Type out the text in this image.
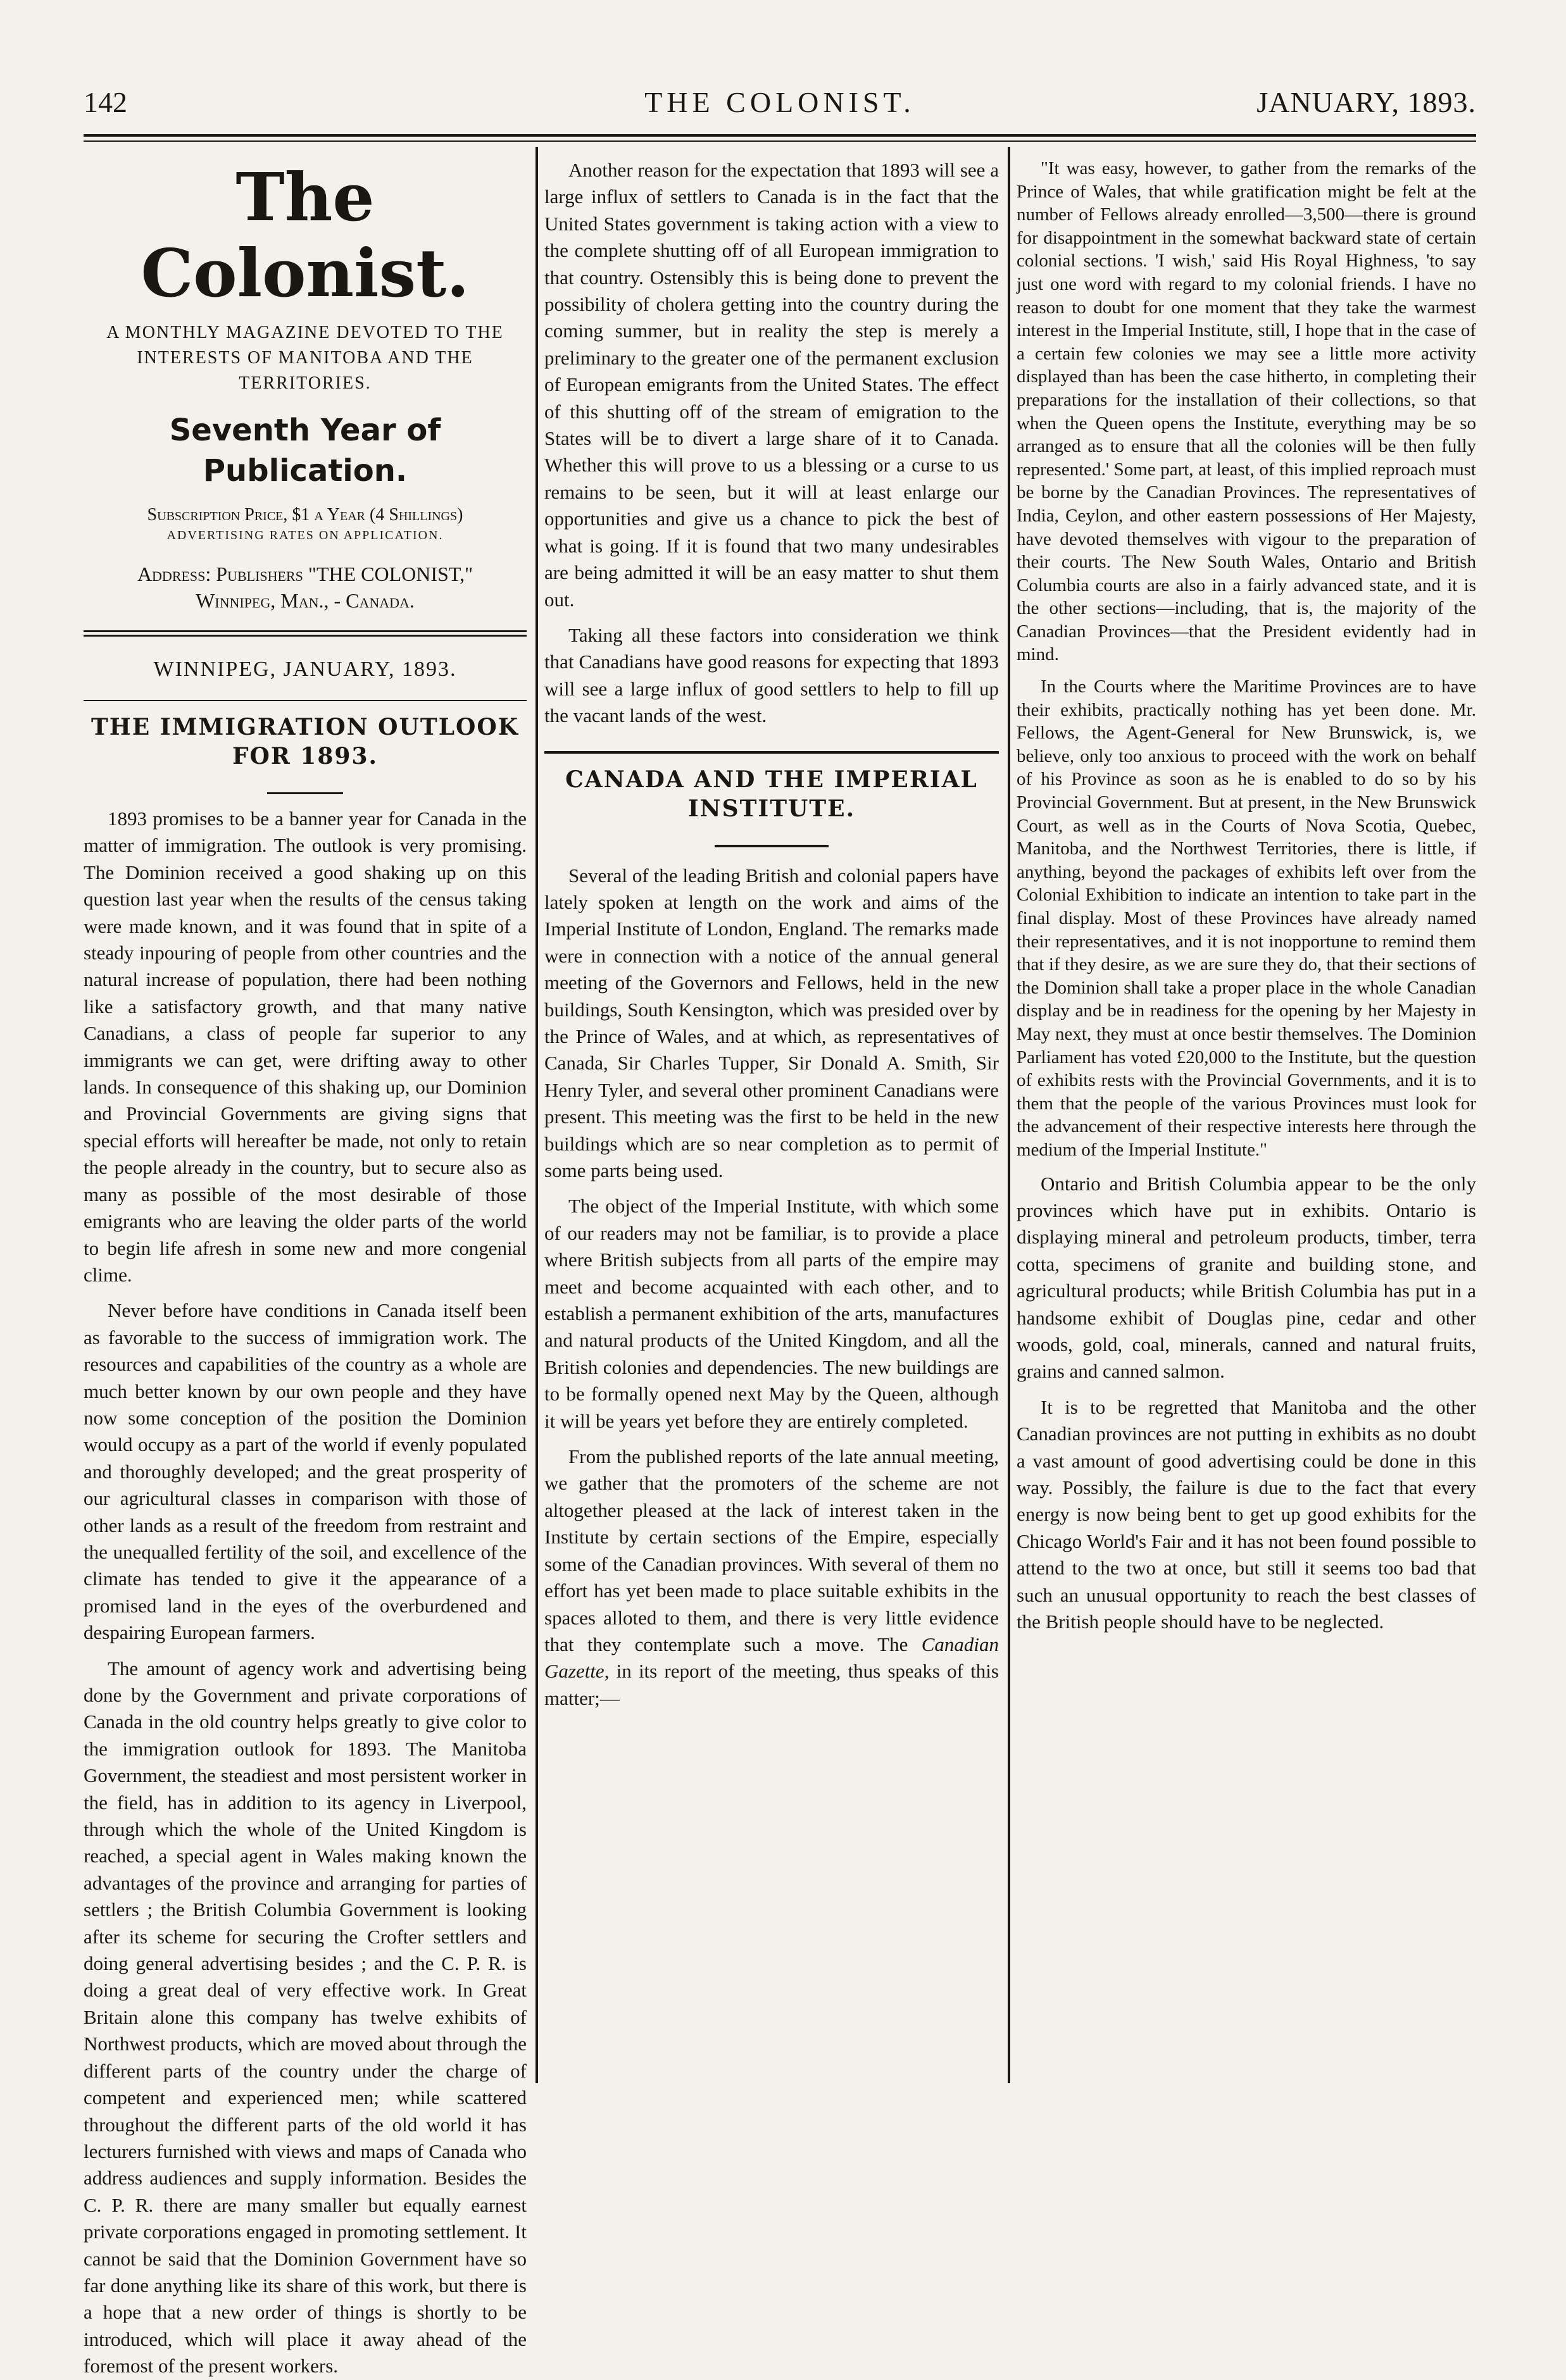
142	THE COLONIST.	JANUARY, 1893.
The Colonist.
A MONTHLY MAGAZINE DEVOTED TO THE INTERESTS OF MANITOBA AND THE TERRITORIES.
Seventh Year of Publication.
Subscription Price, $1 a Year (4 Shillings)
ADVERTISING RATES ON APPLICATION.
Address: Publishers "THE COLONIST,"
Winnipeg, Man., - Canada.
WINNIPEG, JANUARY, 1893.
THE IMMIGRATION OUTLOOK FOR 1893.

1893 promises to be a banner year for Canada in the matter of immigration. The outlook is very promising. The Dominion received a good shaking up on this question last year when the results of the census taking were made known, and it was found that in spite of a steady inpouring of people from other countries and the natural increase of population, there had been nothing like a satisfactory growth, and that many native Canadians, a class of people far superior to any immigrants we can get, were drifting away to other lands. In consequence of this shaking up, our Dominion and Provincial Governments are giving signs that special efforts will hereafter be made, not only to retain the people already in the country, but to secure also as many as possible of the most desirable of those emigrants who are leaving the older parts of the world to begin life afresh in some new and more congenial clime.

Never before have conditions in Canada itself been as favorable to the success of immigration work. The resources and capabilities of the country as a whole are much better known by our own people and they have now some conception of the position the Dominion would occupy as a part of the world if evenly populated and thoroughly developed; and the great prosperity of our agricultural classes in comparison with those of other lands as a result of the freedom from restraint and the unequalled fertility of the soil, and excellence of the climate has tended to give it the appearance of a promised land in the eyes of the overburdened and despairing European farmers.

The amount of agency work and advertising being done by the Government and private corporations of Canada in the old country helps greatly to give color to the immigration outlook for 1893. The Manitoba Government, the steadiest and most persistent worker in the field, has in addition to its agency in Liverpool, through which the whole of the United Kingdom is reached, a special agent in Wales making known the advantages of the province and arranging for parties of settlers ; the British Columbia Government is looking after its scheme for securing the Crofter settlers and doing general advertising besides ; and the C. P. R. is doing a great deal of very effective work. In Great Britain alone this company has twelve exhibits of Northwest products, which are moved about through the different parts of the country under the charge of competent and experienced men; while scattered throughout the different parts of the old world it has lecturers furnished with views and maps of Canada who address audiences and supply information. Besides the C. P. R. there are many smaller but equally earnest private corporations engaged in promoting settlement. It cannot be said that the Dominion Government have so far done anything like its share of this work, but there is a hope that a new order of things is shortly to be introduced, which will place it away ahead of the foremost of the present workers.

Another reason for the expectation that 1893 will see a large influx of settlers to Canada is in the fact that the United States government is taking action with a view to the complete shutting off of all European immigration to that country. Ostensibly this is being done to prevent the possibility of cholera getting into the country during the coming summer, but in reality the step is merely a preliminary to the greater one of the permanent exclusion of European emigrants from the United States. The effect of this shutting off of the stream of emigration to the States will be to divert a large share of it to Canada. Whether this will prove to us a blessing or a curse to us remains to be seen, but it will at least enlarge our opportunities and give us a chance to pick the best of what is going. If it is found that two many undesirables are being admitted it will be an easy matter to shut them out.

Taking all these factors into consideration we think that Canadians have good reasons for expecting that 1893 will see a large influx of good settlers to help to fill up the vacant lands of the west.

CANADA AND THE IMPERIAL INSTITUTE.

Several of the leading British and colonial papers have lately spoken at length on the work and aims of the Imperial Institute of London, England. The remarks made were in connection with a notice of the annual general meeting of the Governors and Fellows, held in the new buildings, South Kensington, which was presided over by the Prince of Wales, and at which, as representatives of Canada, Sir Charles Tupper, Sir Donald A. Smith, Sir Henry Tyler, and several other prominent Canadians were present. This meeting was the first to be held in the new buildings which are so near completion as to permit of some parts being used.

The object of the Imperial Institute, with which some of our readers may not be familiar, is to provide a place where British subjects from all parts of the empire may meet and become acquainted with each other, and to establish a permanent exhibition of the arts, manufactures and natural products of the United Kingdom, and all the British colonies and dependencies. The new buildings are to be formally opened next May by the Queen, although it will be years yet before they are entirely completed.

From the published reports of the late annual meeting, we gather that the promoters of the scheme are not altogether pleased at the lack of interest taken in the Institute by certain sections of the Empire, especially some of the Canadian provinces. With several of them no effort has yet been made to place suitable exhibits in the spaces alloted to them, and there is very little evidence that they contemplate such a move. The Canadian Gazette, in its report of the meeting, thus speaks of this matter;—

"It was easy, however, to gather from the remarks of the Prince of Wales, that while gratification might be felt at the number of Fellows already enrolled—3,500—there is ground for disappointment in the somewhat backward state of certain colonial sections. 'I wish,' said His Royal Highness, 'to say just one word with regard to my colonial friends. I have no reason to doubt for one moment that they take the warmest interest in the Imperial Institute, still, I hope that in the case of a certain few colonies we may see a little more activity displayed than has been the case hitherto, in completing their preparations for the installation of their collections, so that when the Queen opens the Institute, everything may be so arranged as to ensure that all the colonies will be then fully represented.' Some part, at least, of this implied reproach must be borne by the Canadian Provinces. The representatives of India, Ceylon, and other eastern possessions of Her Majesty, have devoted themselves with vigour to the preparation of their courts. The New South Wales, Ontario and British Columbia courts are also in a fairly advanced state, and it is the other sections—including, that is, the majority of the Canadian Provinces—that the President evidently had in mind.

In the Courts where the Maritime Provinces are to have their exhibits, practically nothing has yet been done. Mr. Fellows, the Agent-General for New Brunswick, is, we believe, only too anxious to proceed with the work on behalf of his Province as soon as he is enabled to do so by his Provincial Government. But at present, in the New Brunswick Court, as well as in the Courts of Nova Scotia, Quebec, Manitoba, and the Northwest Territories, there is little, if anything, beyond the packages of exhibits left over from the Colonial Exhibition to indicate an intention to take part in the final display. Most of these Provinces have already named their representatives, and it is not inopportune to remind them that if they desire, as we are sure they do, that their sections of the Dominion shall take a proper place in the whole Canadian display and be in readiness for the opening by her Majesty in May next, they must at once bestir themselves. The Dominion Parliament has voted £20,000 to the Institute, but the question of exhibits rests with the Provincial Governments, and it is to them that the people of the various Provinces must look for the advancement of their respective interests here through the medium of the Imperial Institute."

Ontario and British Columbia appear to be the only provinces which have put in exhibits. Ontario is displaying mineral and petroleum products, timber, terra cotta, specimens of granite and building stone, and agricultural products; while British Columbia has put in a handsome exhibit of Douglas pine, cedar and other woods, gold, coal, minerals, canned and natural fruits, grains and canned salmon.

It is to be regretted that Manitoba and the other Canadian provinces are not putting in exhibits as no doubt a vast amount of good advertising could be done in this way. Possibly, the failure is due to the fact that every energy is now being bent to get up good exhibits for the Chicago World's Fair and it has not been found possible to attend to the two at once, but still it seems too bad that such an unusual opportunity to reach the best classes of the British people should have to be neglected.
